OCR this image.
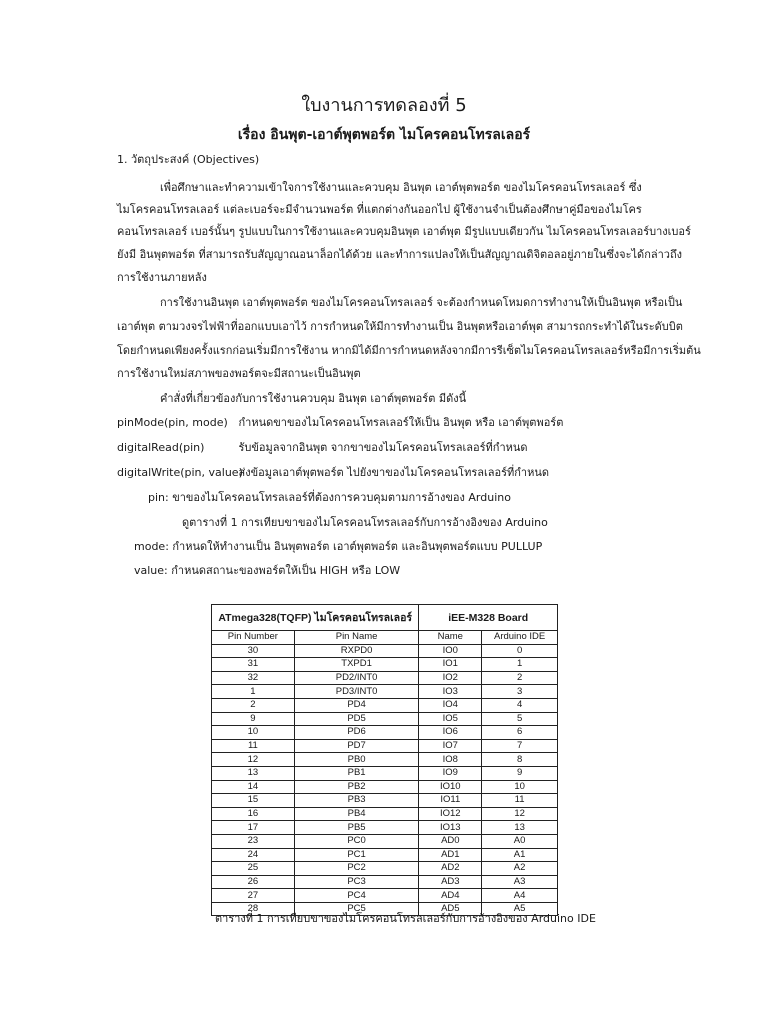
ใบงานการทดลองที่ 5
เรื่อง อินพุต-เอาต์พุตพอร์ต ไมโครคอนโทรลเลอร์
1. วัตถุประสงค์ (Objectives)
เพื่อศึกษาและทำความเข้าใจการใช้งานและควบคุม อินพุต เอาต์พุตพอร์ต ของไมโครคอนโทรลเลอร์ ซึ่ง
ไมโครคอนโทรลเลอร์ แต่ละเบอร์จะมีจำนวนพอร์ต ที่แตกต่างกันออกไป ผู้ใช้งานจำเป็นต้องศึกษาคู่มือของไมโคร
คอนโทรลเลอร์ เบอร์นั้นๆ รูปแบบในการใช้งานและควบคุมอินพุต เอาต์พุต มีรูปแบบเดียวกัน ไมโครคอนโทรลเลอร์บางเบอร์
ยังมี อินพุตพอร์ต ที่สามารถรับสัญญาณอนาล็อกได้ด้วย และทำการแปลงให้เป็นสัญญาณดิจิตอลอยู่ภายในซึ่งจะได้กล่าวถึง
การใช้งานภายหลัง
การใช้งานอินพุต เอาต์พุตพอร์ต ของไมโครคอนโทรลเลอร์ จะต้องกำหนดโหมดการทำงานให้เป็นอินพุต หรือเป็น
เอาต์พุต ตามวงจรไฟฟ้าที่ออกแบบเอาไว้ การกำหนดให้มีการทำงานเป็น อินพุตหรือเอาต์พุต สามารถกระทำได้ในระดับบิต
โดยกำหนดเพียงครั้งแรกก่อนเริ่มมีการใช้งาน หากมิได้มีการกำหนดหลังจากมีการรีเซ็ตไมโครคอนโทรลเลอร์หรือมีการเริ่มต้น
การใช้งานใหม่สภาพของพอร์ตจะมีสถานะเป็นอินพุต
คำสั่งที่เกี่ยวข้องกับการใช้งานควบคุม อินพุต เอาต์พุตพอร์ต มีดังนี้
pinMode(pin, mode) กำหนดขาของไมโครคอนโทรลเลอร์ให้เป็น อินพุต หรือ เอาต์พุตพอร์ต
digitalRead(pin)	รับข้อมูลจากอินพุต จากขาของไมโครคอนโทรลเลอร์ที่กำหนด
digitalWrite(pin, value) ส่งข้อมูลเอาต์พุตพอร์ต ไปยังขาของไมโครคอนโทรลเลอร์ที่กำหนด
pin: ขาของไมโครคอนโทรลเลอร์ที่ต้องการควบคุมตามการอ้างของ Arduino
ดูตารางที่ 1 การเทียบขาของไมโครคอนโทรลเลอร์กับการอ้างอิงของ Arduino
mode: กำหนดให้ทำงานเป็น อินพุตพอร์ต เอาต์พุตพอร์ต และอินพุตพอร์ตแบบ PULLUP
value: กำหนดสถานะของพอร์ตให้เป็น HIGH หรือ LOW
ATmega328(TQFP) ไมโครคอนโทรลเลอร์		iEE-M328 Board	
Pin Number	Pin Name	Name	Arduino IDE
30	RXPD0	IO0	0
31	TXPD1	IO1	1
32	PD2/INT0	IO2	2
1	PD3/INT0	IO3	3
2	PD4	IO4	4
9	PD5	IO5	5
10	PD6	IO6	6
11	PD7	IO7	7
12	PB0	IO8	8
13	PB1	IO9	9
14	PB2	IO10	10
15	PB3	IO11	11
16	PB4	IO12	12
17	PB5	IO13	13
23	PC0	AD0	A0
24	PC1	AD1	A1
25	PC2	AD2	A2
26	PC3	AD3	A3
27	PC4	AD4	A4
28	PC5	AD5	A5
ตารางที่ 1 การเทียบขาของไมโครคอนโทรลเลอร์กับการอ้างอิงของ Arduino IDE
